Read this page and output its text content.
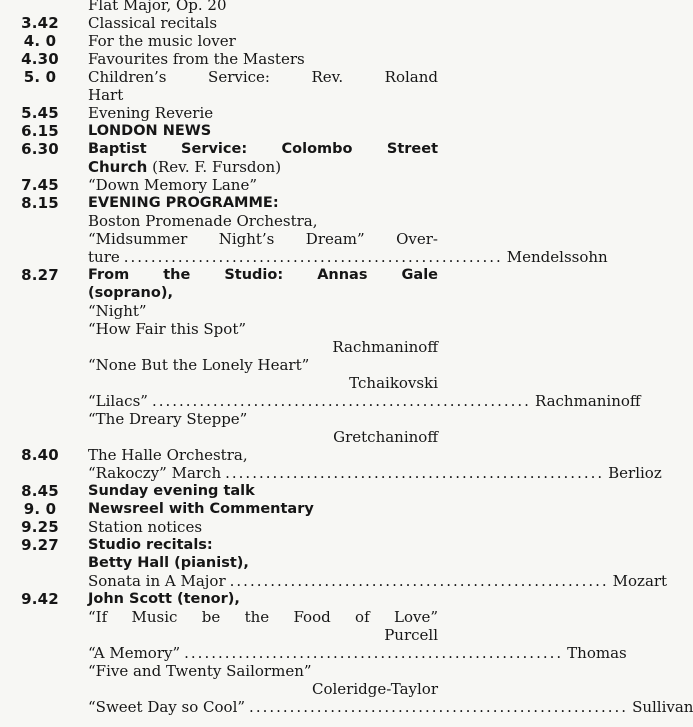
Flat Major, Op. 20
3.42	Classical recitals
4. 0	For the music lover
4.30	Favourites from the Masters
5. 0	Children’s Service: Rev. Roland
Hart
5.45	Evening Reverie
6.15	LONDON NEWS
6.30	Baptist Service: Colombo Street
Church (Rev. F. Fursdon)
7.45	“Down Memory Lane”
8.15	EVENING PROGRAMME:
Boston Promenade Orchestra,
“Midsummer Night’s Dream” Over-
ture ........................................................ Mendelssohn
8.27	From the Studio: Annas Gale
(soprano),
“Night”
“How Fair this Spot”
Rachmaninoff
“None But the Lonely Heart”
Tchaikovski
“Lilacs” ........................................................ Rachmaninoff
“The Dreary Steppe”
Gretchaninoff
8.40	The Halle Orchestra,
“Rakoczy” March ........................................................ Berlioz
8.45	Sunday evening talk
9. 0	Newsreel with Commentary
9.25	Station notices
9.27	Studio recitals:
Betty Hall (pianist),
Sonata in A Major ........................................................ Mozart
9.42	John Scott (tenor),
“If Music be the Food of Love”
Purcell
“A Memory” ........................................................ Thomas
“Five and Twenty Sailormen”
Coleridge-Taylor
“Sweet Day so Cool” ........................................................ Sullivan
